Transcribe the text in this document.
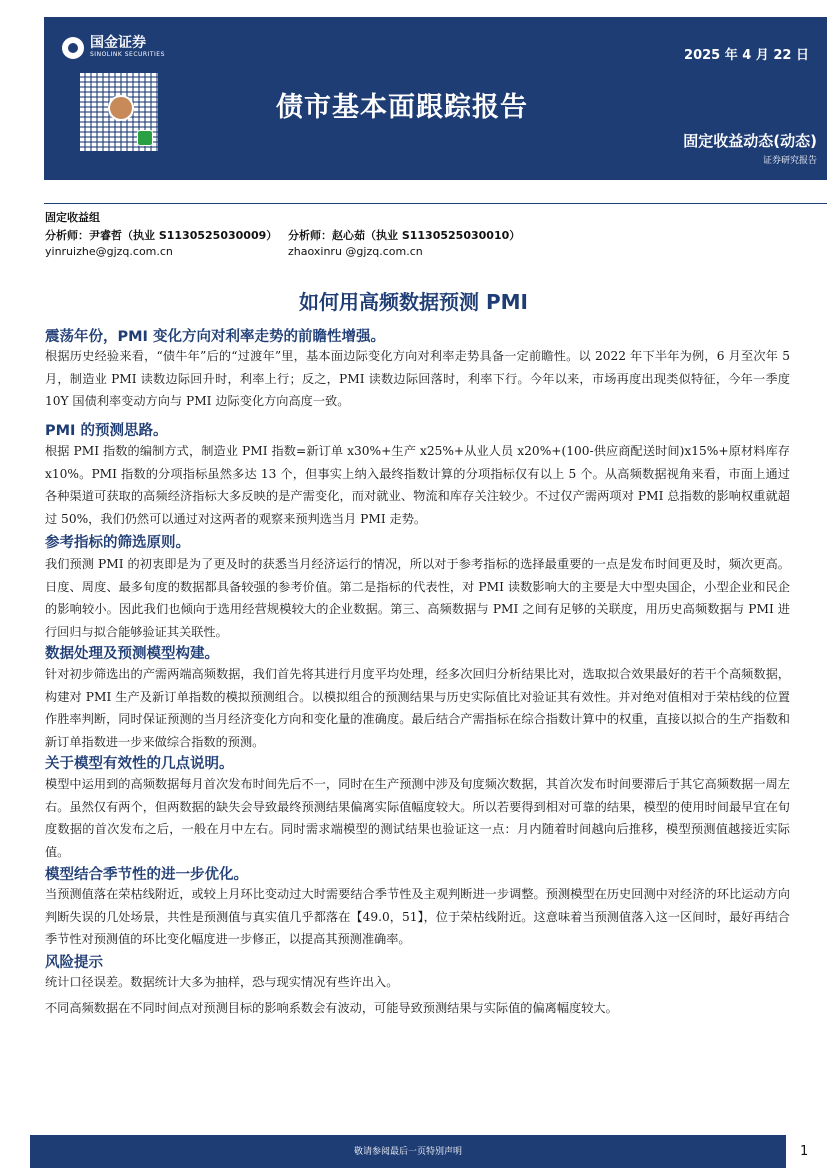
国金证券
SINOLINK SECURITIES	2025 年 4 月 22 日
债市基本面跟踪报告
固定收益动态(动态)
证券研究报告
固定收益组
分析师：尹睿哲（执业 S1130525030009）
yinruizhe@gjzq.com.cn
分析师：赵心茹（执业 S1130525030010）
zhaoxinru @gjzq.com.cn
如何用高频数据预测 PMI
震荡年份，PMI 变化方向对利率走势的前瞻性增强。

根据历史经验来看，“债牛年”后的“过渡年”里，基本面边际变化方向对利率走势具备一定前瞻性。以 2022 年下半年为例，6 月至次年 5 月，制造业 PMI 读数边际回升时，利率上行；反之，PMI 读数边际回落时，利率下行。今年以来，市场再度出现类似特征，今年一季度 10Y 国债利率变动方向与 PMI 边际变化方向高度一致。

PMI 的预测思路。

根据 PMI 指数的编制方式，制造业 PMI 指数=新订单 x30%+生产 x25%+从业人员 x20%+(100-供应商配送时间)x15%+原材料库存 x10%。PMI 指数的分项指标虽然多达 13 个，但事实上纳入最终指数计算的分项指标仅有以上 5 个。从高频数据视角来看，市面上通过各种渠道可获取的高频经济指标大多反映的是产需变化，而对就业、物流和库存关注较少。不过仅产需两项对 PMI 总指数的影响权重就超过 50%，我们仍然可以通过对这两者的观察来预判选当月 PMI 走势。

参考指标的筛选原则。

我们预测 PMI 的初衷即是为了更及时的获悉当月经济运行的情况，所以对于参考指标的选择最重要的一点是发布时间更及时，频次更高。日度、周度、最多旬度的数据都具备较强的参考价值。第二是指标的代表性，对 PMI 读数影响大的主要是大中型央国企，小型企业和民企的影响较小。因此我们也倾向于选用经营规模较大的企业数据。第三、高频数据与 PMI 之间有足够的关联度，用历史高频数据与 PMI 进行回归与拟合能够验证其关联性。

数据处理及预测模型构建。

针对初步筛选出的产需两端高频数据，我们首先将其进行月度平均处理，经多次回归分析结果比对，选取拟合效果最好的若干个高频数据，构建对 PMI 生产及新订单指数的模拟预测组合。以模拟组合的预测结果与历史实际值比对验证其有效性。并对绝对值相对于荣枯线的位置作胜率判断，同时保证预测的当月经济变化方向和变化量的准确度。最后结合产需指标在综合指数计算中的权重，直接以拟合的生产指数和新订单指数进一步来做综合指数的预测。

关于模型有效性的几点说明。

模型中运用到的高频数据每月首次发布时间先后不一，同时在生产预测中涉及旬度频次数据，其首次发布时间要滞后于其它高频数据一周左右。虽然仅有两个，但两数据的缺失会导致最终预测结果偏离实际值幅度较大。所以若要得到相对可靠的结果，模型的使用时间最早宜在旬度数据的首次发布之后，一般在月中左右。同时需求端模型的测试结果也验证这一点：月内随着时间越向后推移，模型预测值越接近实际值。

模型结合季节性的进一步优化。

当预测值落在荣枯线附近，或较上月环比变动过大时需要结合季节性及主观判断进一步调整。预测模型在历史回测中对经济的环比运动方向判断失误的几处场景，共性是预测值与真实值几乎都落在【49.0，51】，位于荣枯线附近。这意味着当预测值落入这一区间时，最好再结合季节性对预测值的环比变化幅度进一步修正，以提高其预测准确率。

风险提示

统计口径误差。数据统计大多为抽样，恐与现实情况有些许出入。

不同高频数据在不同时间点对预测目标的影响系数会有波动，可能导致预测结果与实际值的偏离幅度较大。

敬请参阅最后一页特别声明	1
